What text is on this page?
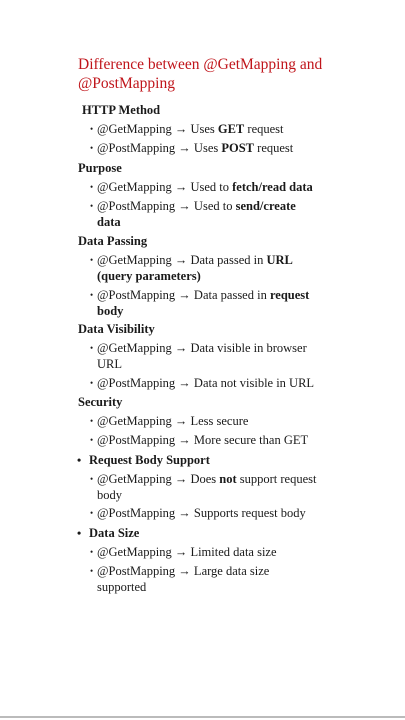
Difference between @GetMapping and @PostMapping
HTTP Method
• @GetMapping → Uses GET request
• @PostMapping → Uses POST request
Purpose
• @GetMapping → Used to fetch/read data
• @PostMapping → Used to send/create data
Data Passing
• @GetMapping → Data passed in URL (query parameters)
• @PostMapping → Data passed in request body
Data Visibility
• @GetMapping → Data visible in browser URL
• @PostMapping → Data not visible in URL
Security
• @GetMapping → Less secure
• @PostMapping → More secure than GET
• Request Body Support
• @GetMapping → Does not support request body
• @PostMapping → Supports request body
• Data Size
• @GetMapping → Limited data size
• @PostMapping → Large data size supported
